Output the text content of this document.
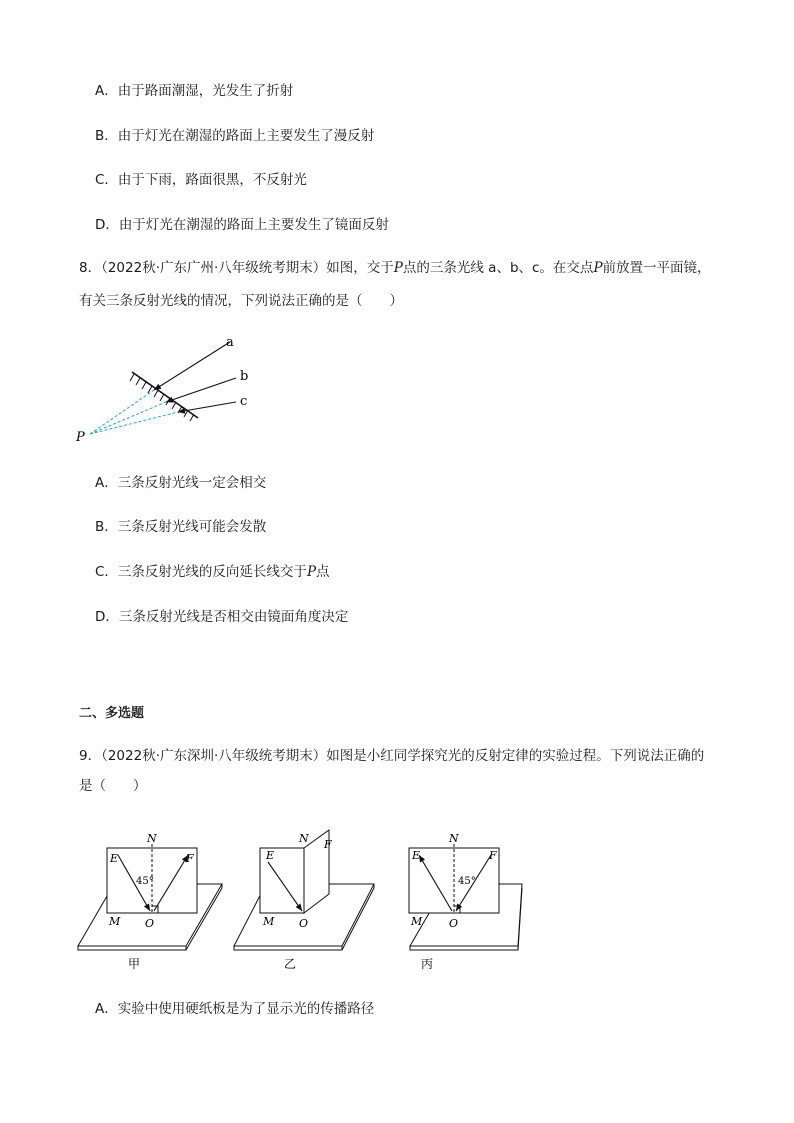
A．由于路面潮湿，光发生了折射
B．由于灯光在潮湿的路面上主要发生了漫反射
C．由于下雨，路面很黑，不反射光
D．由于灯光在潮湿的路面上主要发生了镜面反射
8．（2022秋·广东广州·八年级统考期末）如图，交于P点的三条光线 a、b、c。在交点P前放置一平面镜，
有关三条反射光线的情况，下列说法正确的是（　　）
a
b
c
P
A．三条反射光线一定会相交
B．三条反射光线可能会发散
C．三条反射光线的反向延长线交于P点
D．三条反射光线是否相交由镜面角度决定
二、多选题
9．（2022秋·广东深圳·八年级统考期末）如图是小红同学探究光的反射定律的实验过程。下列说法正确的
是（　　）
N
E	F
45°
M O
甲
N
E
F
M O
乙
N
E	F
45°
M O
丙
A．实验中使用硬纸板是为了显示光的传播路径
